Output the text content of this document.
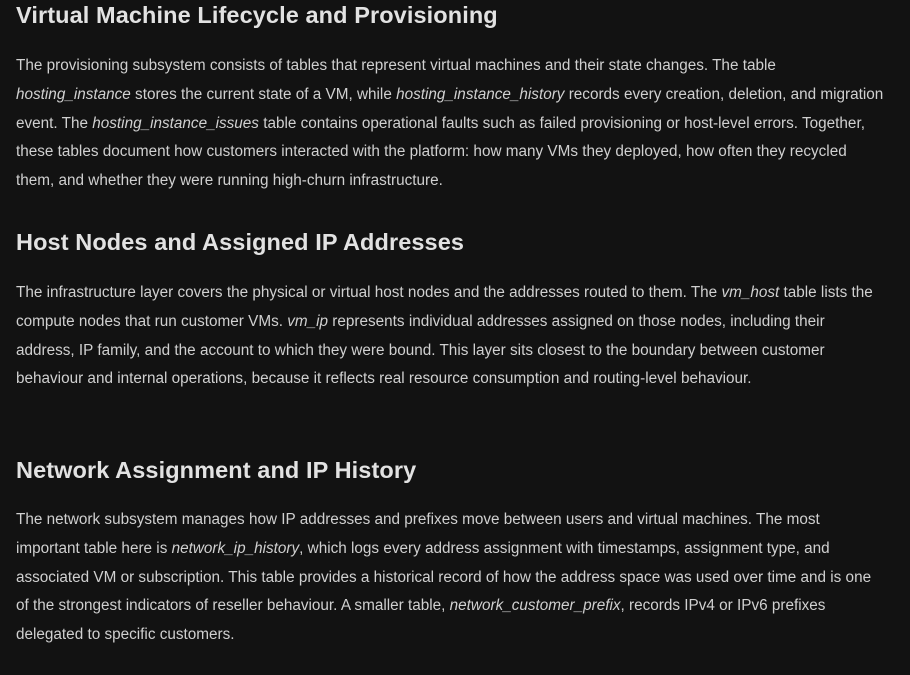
Virtual Machine Lifecycle and Provisioning

The provisioning subsystem consists of tables that represent virtual machines and their state changes. The table hosting_instance stores the current state of a VM, while hosting_instance_history records every creation, deletion, and migration event. The hosting_instance_issues table contains operational faults such as failed provisioning or host-level errors. Together, these tables document how customers interacted with the platform: how many VMs they deployed, how often they recycled them, and whether they were running high-churn infrastructure.

Host Nodes and Assigned IP Addresses

The infrastructure layer covers the physical or virtual host nodes and the addresses routed to them. The vm_host table lists the compute nodes that run customer VMs. vm_ip represents individual addresses assigned on those nodes, including their address, IP family, and the account to which they were bound. This layer sits closest to the boundary between customer behaviour and internal operations, because it reflects real resource consumption and routing-level behaviour.

Network Assignment and IP History

The network subsystem manages how IP addresses and prefixes move between users and virtual machines. The most important table here is network_ip_history, which logs every address assignment with timestamps, assignment type, and associated VM or subscription. This table provides a historical record of how the address space was used over time and is one of the strongest indicators of reseller behaviour. A smaller table, network_customer_prefix, records IPv4 or IPv6 prefixes delegated to specific customers.
